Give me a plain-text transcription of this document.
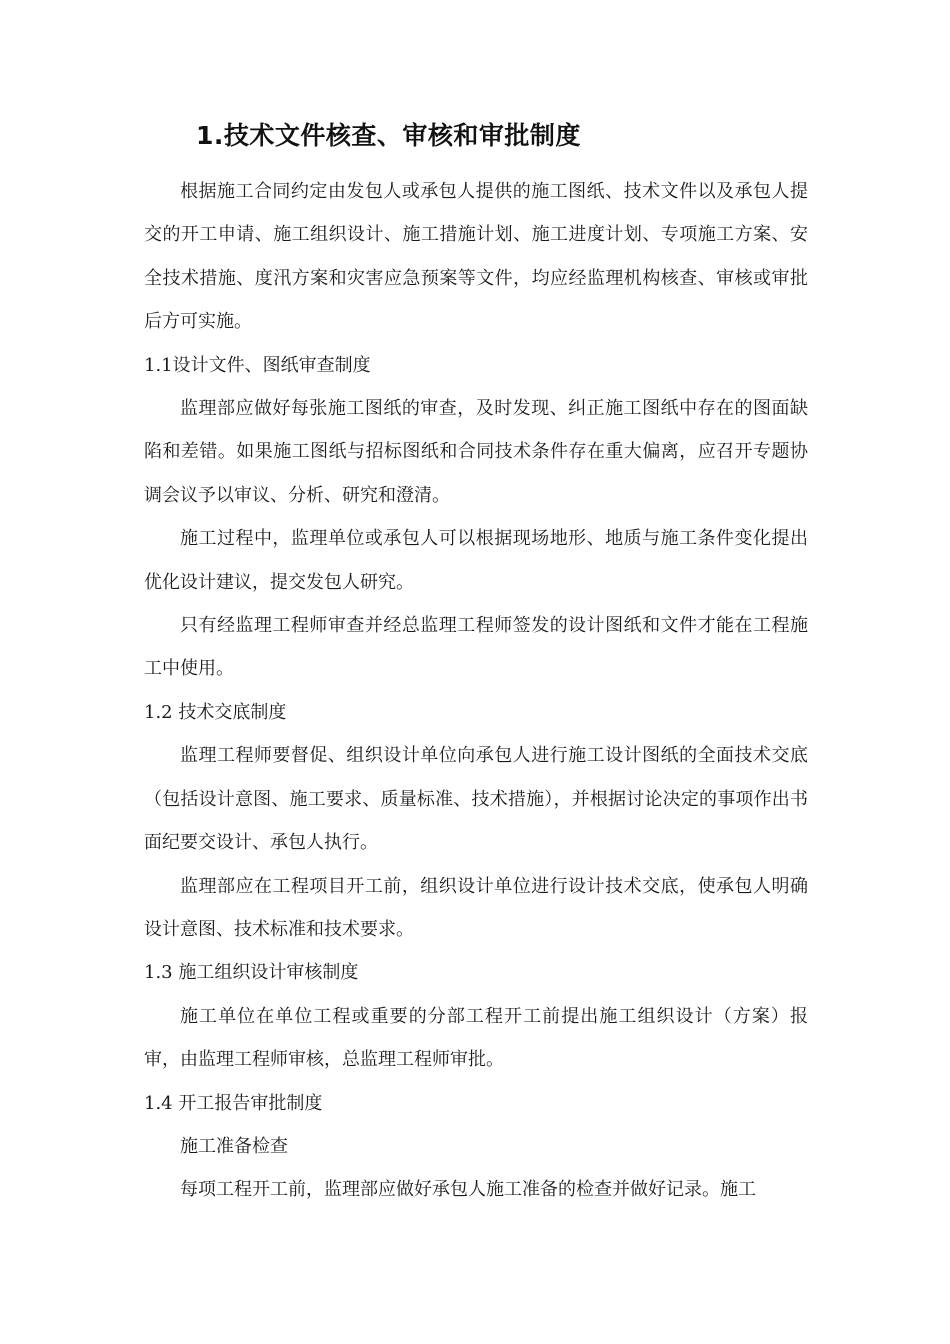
1.技术文件核查、审核和审批制度

根据施工合同约定由发包人或承包人提供的施工图纸、技术文件以及承包人提交的开工申请、施工组织设计、施工措施计划、施工进度计划、专项施工方案、安全技术措施、度汛方案和灾害应急预案等文件，均应经监理机构核查、审核或审批后方可实施。

1.1设计文件、图纸审查制度

监理部应做好每张施工图纸的审查，及时发现、纠正施工图纸中存在的图面缺陷和差错。如果施工图纸与招标图纸和合同技术条件存在重大偏离，应召开专题协调会议予以审议、分析、研究和澄清。

施工过程中，监理单位或承包人可以根据现场地形、地质与施工条件变化提出优化设计建议，提交发包人研究。

只有经监理工程师审查并经总监理工程师签发的设计图纸和文件才能在工程施工中使用。

1.2 技术交底制度

监理工程师要督促、组织设计单位向承包人进行施工设计图纸的全面技术交底（包括设计意图、施工要求、质量标准、技术措施），并根据讨论决定的事项作出书面纪要交设计、承包人执行。

监理部应在工程项目开工前，组织设计单位进行设计技术交底，使承包人明确设计意图、技术标准和技术要求。

1.3 施工组织设计审核制度

施工单位在单位工程或重要的分部工程开工前提出施工组织设计（方案）报审，由监理工程师审核，总监理工程师审批。

1.4 开工报告审批制度

施工准备检查

每项工程开工前，监理部应做好承包人施工准备的检查并做好记录。施工
